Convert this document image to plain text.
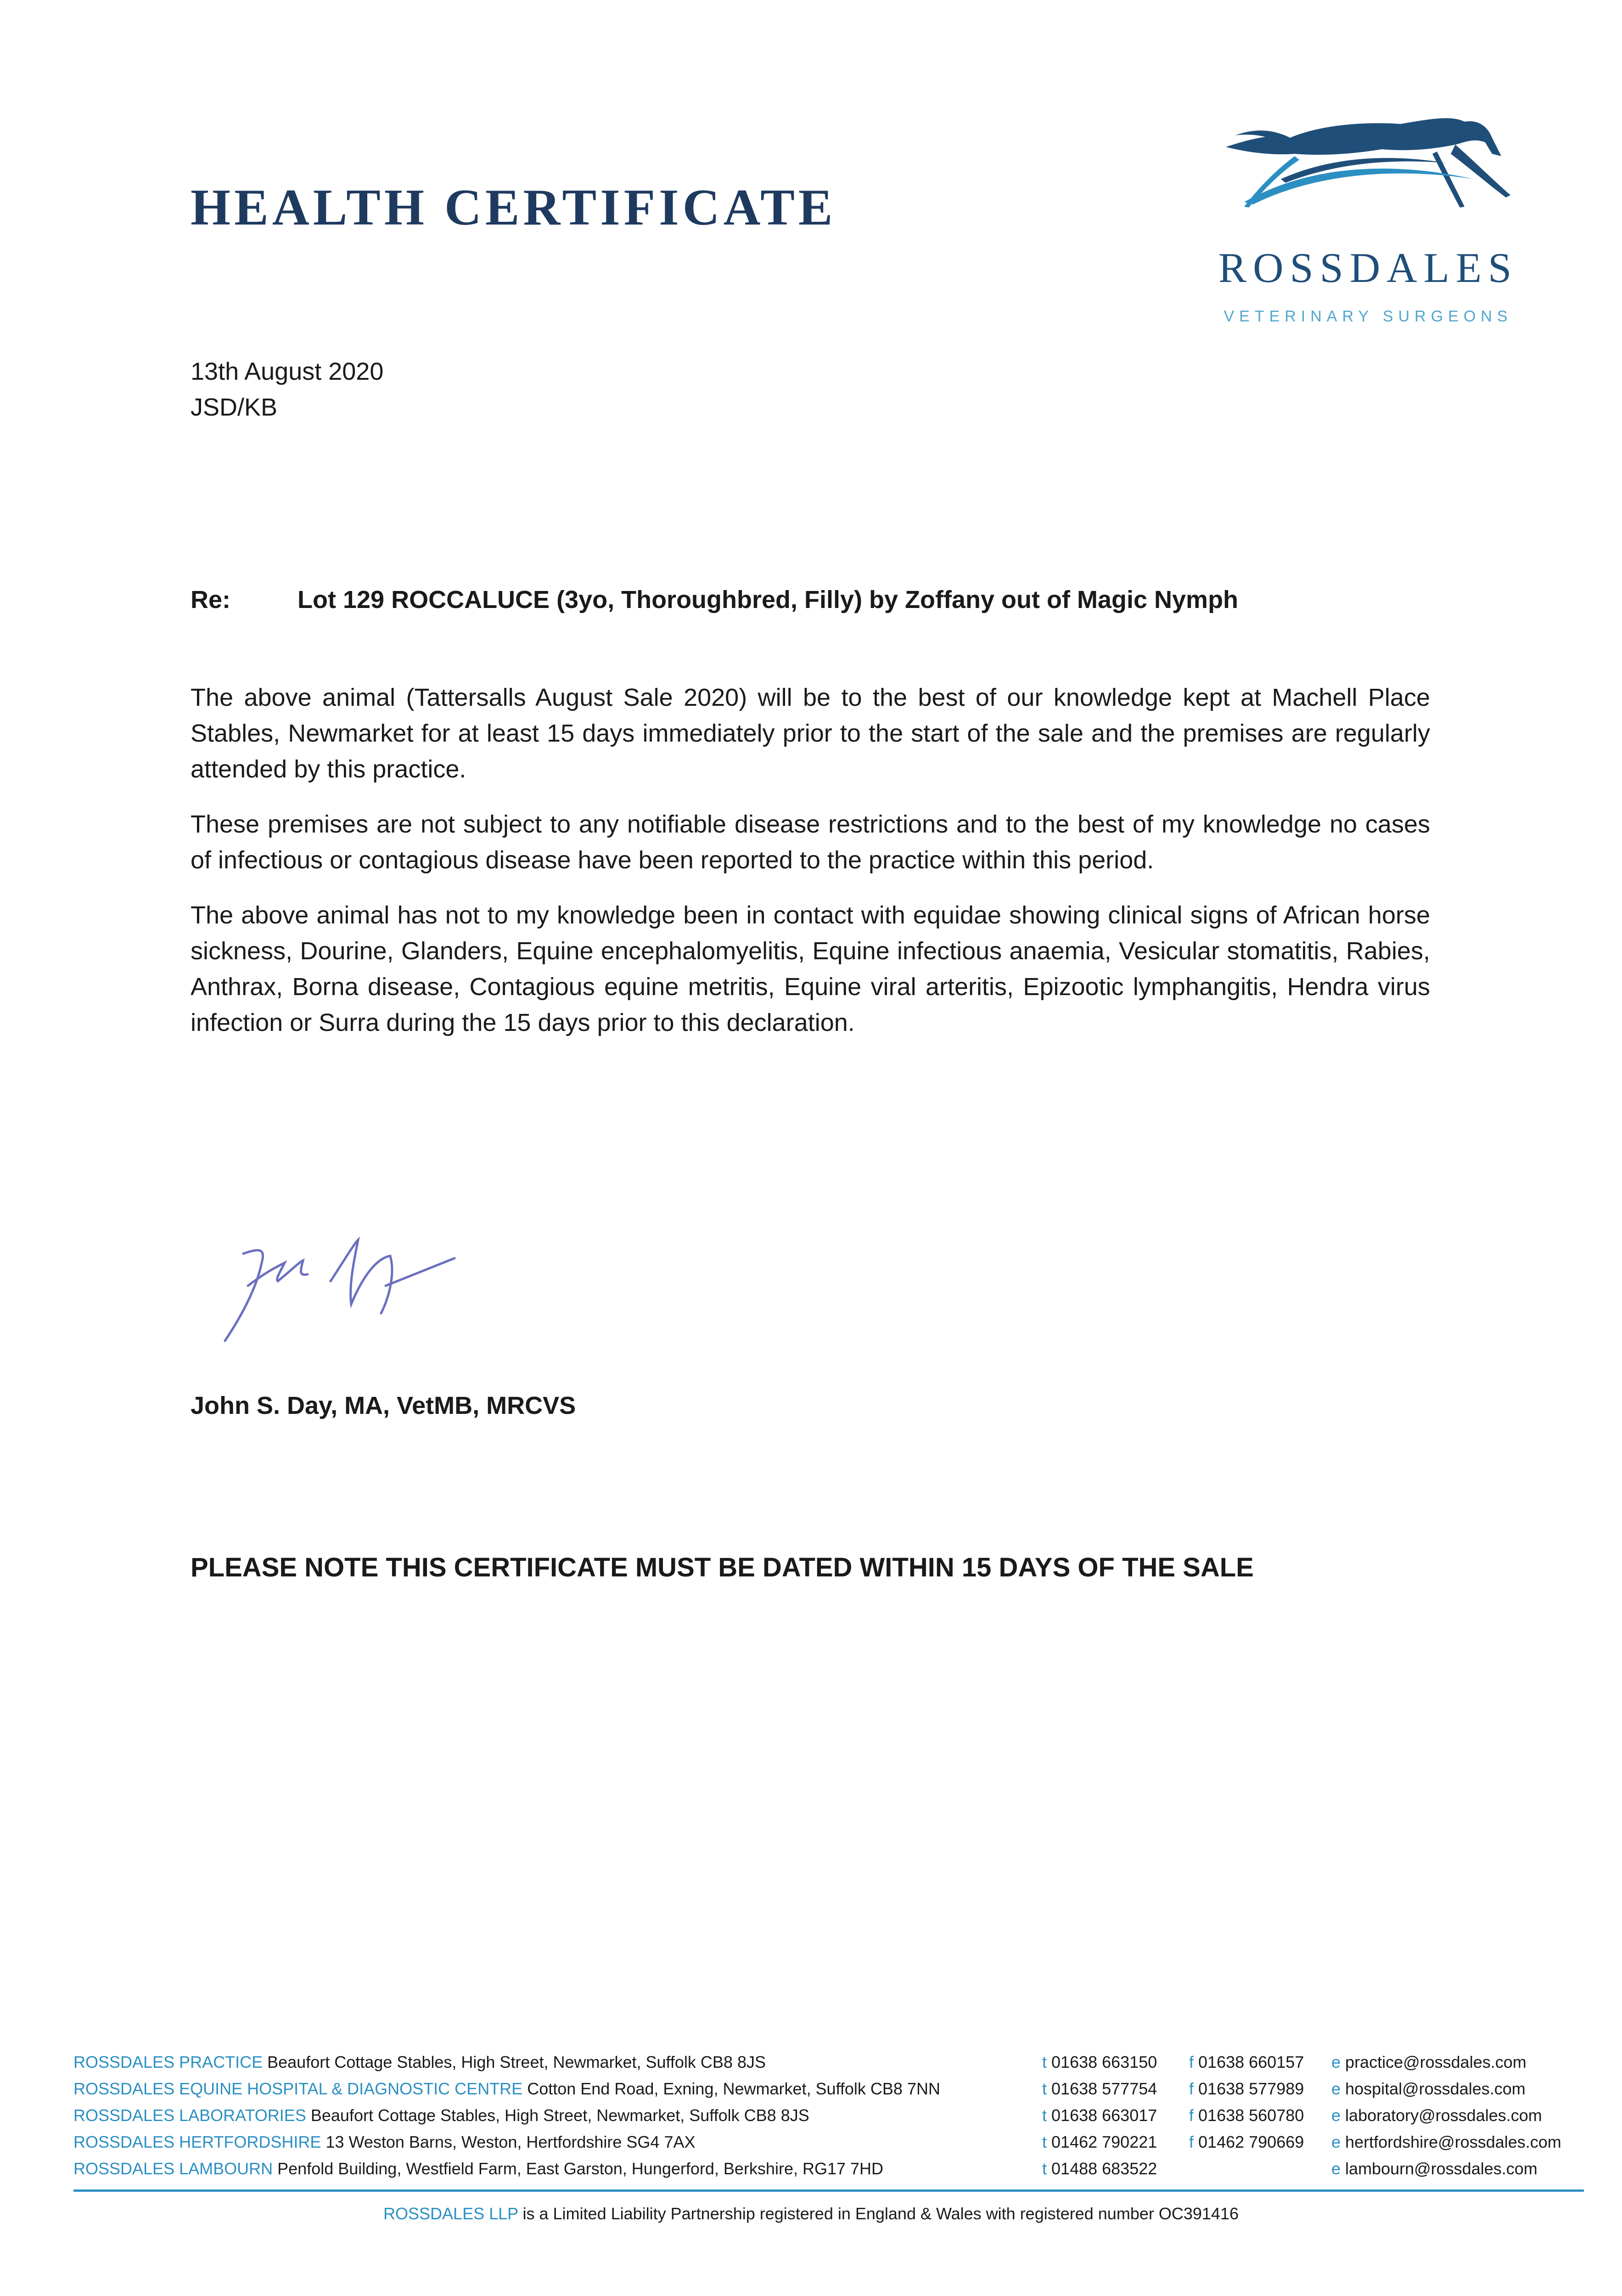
HEALTH CERTIFICATE
ROSSDALES
VETERINARY SURGEONS
13th August 2020
JSD/KB
Re:	Lot 129 ROCCALUCE (3yo, Thoroughbred, Filly) by Zoffany out of Magic Nymph

The above animal (Tattersalls August Sale 2020) will be to the best of our knowledge kept at Machell Place Stables, Newmarket for at least 15 days immediately prior to the start of the sale and the premises are regularly attended by this practice.

These premises are not subject to any notifiable disease restrictions and to the best of my knowledge no cases of infectious or contagious disease have been reported to the practice within this period.

The above animal has not to my knowledge been in contact with equidae showing clinical signs of African horse sickness, Dourine, Glanders, Equine encephalomyelitis, Equine infectious anaemia, Vesicular stomatitis, Rabies, Anthrax, Borna disease, Contagious equine metritis, Equine viral arteritis, Epizootic lymphangitis, Hendra virus infection or Surra during the 15 days prior to this declaration.

John S. Day, MA, VetMB, MRCVS
PLEASE NOTE THIS CERTIFICATE MUST BE DATED WITHIN 15 DAYS OF THE SALE
ROSSDALES PRACTICE Beaufort Cottage Stables, High Street, Newmarket, Suffolk CB8 8JS	t 01638 663150 f 01638 660157 e practice@rossdales.com
ROSSDALES EQUINE HOSPITAL & DIAGNOSTIC CENTRE Cotton End Road, Exning, Newmarket, Suffolk CB8 7NN	t 01638 577754 f 01638 577989 e hospital@rossdales.com
ROSSDALES LABORATORIES Beaufort Cottage Stables, High Street, Newmarket, Suffolk CB8 8JS	t 01638 663017 f 01638 560780 e laboratory@rossdales.com
ROSSDALES HERTFORDSHIRE 13 Weston Barns, Weston, Hertfordshire SG4 7AX	t 01462 790221 f 01462 790669 e hertfordshire@rossdales.com
ROSSDALES LAMBOURN Penfold Building, Westfield Farm, East Garston, Hungerford, Berkshire, RG17 7HD	t 01488 683522	e lambourn@rossdales.com
ROSSDALES LLP is a Limited Liability Partnership registered in England & Wales with registered number OC391416
